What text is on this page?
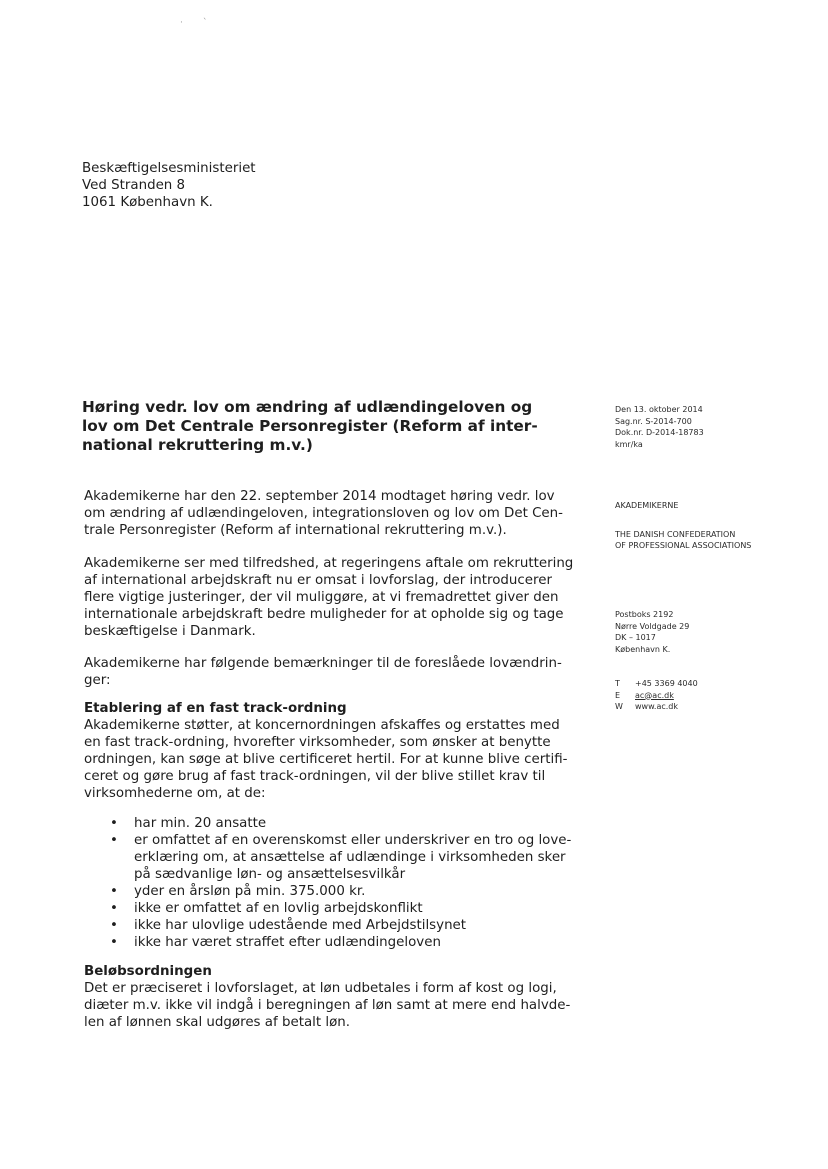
·       `
Beskæftigelsesministeriet
Ved Stranden 8
1061 København K.
Høring vedr. lov om ændring af udlændingeloven og
lov om Det Centrale Personregister (Reform af inter-
national rekruttering m.v.)
Den 13. oktober 2014
Sag.nr. S-2014-700
Dok.nr. D-2014-18783
kmr/ka
AKADEMIKERNE
THE DANISH CONFEDERATION
OF PROFESSIONAL ASSOCIATIONS
Postboks 2192
Nørre Voldgade 29
DK – 1017
København K.
T	+45 3369 4040
E	ac@ac.dk
W	www.ac.dk
Akademikerne har den 22. september 2014 modtaget høring vedr. lov
om ændring af udlændingeloven, integrationsloven og lov om Det Cen-
trale Personregister (Reform af international rekruttering m.v.).
Akademikerne ser med tilfredshed, at regeringens aftale om rekruttering
af international arbejdskraft nu er omsat i lovforslag, der introducerer
flere vigtige justeringer, der vil muliggøre, at vi fremadrettet giver den
internationale arbejdskraft bedre muligheder for at opholde sig og tage
beskæftigelse i Danmark.
Akademikerne har følgende bemærkninger til de foreslåede lovændrin-
ger:
Etablering af en fast track-ordning
Akademikerne støtter, at koncernordningen afskaffes og erstattes med
en fast track-ordning, hvorefter virksomheder, som ønsker at benytte
ordningen, kan søge at blive certificeret hertil. For at kunne blive certifi-
ceret og gøre brug af fast track-ordningen, vil der blive stillet krav til
virksomhederne om, at de:
•	har min. 20 ansatte
•	er omfattet af en overenskomst eller underskriver en tro og love-
erklæring om, at ansættelse af udlændinge i virksomheden sker
på sædvanlige løn- og ansættelsesvilkår
•	yder en årsløn på min. 375.000 kr.
•	ikke er omfattet af en lovlig arbejdskonflikt
•	ikke har ulovlige udestående med Arbejdstilsynet
•	ikke har været straffet efter udlændingeloven
Beløbsordningen
Det er præciseret i lovforslaget, at løn udbetales i form af kost og logi,
diæter m.v. ikke vil indgå i beregningen af løn samt at mere end halvde-
len af lønnen skal udgøres af betalt løn.
